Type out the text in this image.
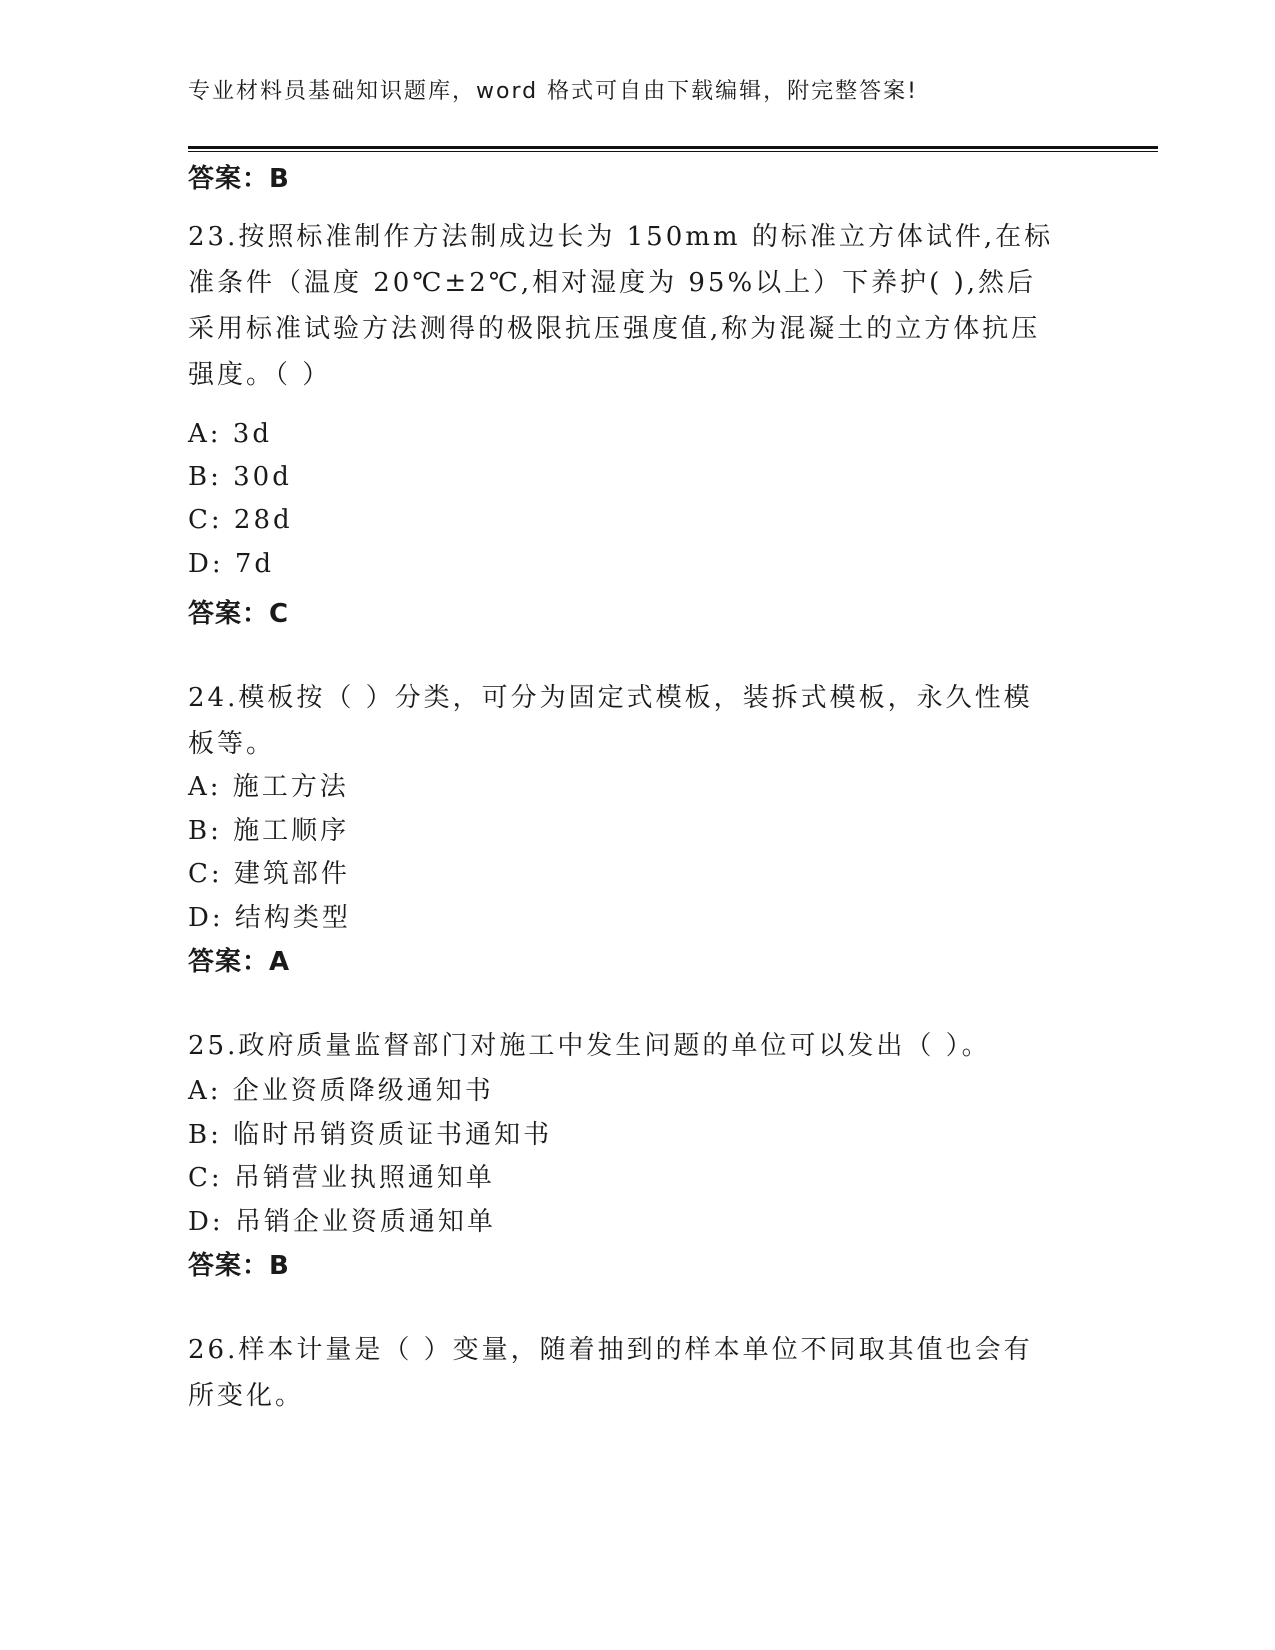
专业材料员基础知识题库，word 格式可自由下载编辑，附完整答案!
答案：B

23.按照标准制作方法制成边长为 150mm 的标准立方体试件,在标准条件（温度 20℃±2℃,相对湿度为 95%以上）下养护( ),然后采用标准试验方法测得的极限抗压强度值,称为混凝土的立方体抗压强度。（ ）

A: 3d
B: 30d
C: 28d
D: 7d
答案：C

24.模板按（ ）分类，可分为固定式模板，装拆式模板，永久性模板等。

A: 施工方法
B: 施工顺序
C: 建筑部件
D: 结构类型
答案：A

25.政府质量监督部门对施工中发生问题的单位可以发出（ ）。

A: 企业资质降级通知书
B: 临时吊销资质证书通知书
C: 吊销营业执照通知单
D: 吊销企业资质通知单
答案：B

26.样本计量是（ ）变量，随着抽到的样本单位不同取其值也会有所变化。
